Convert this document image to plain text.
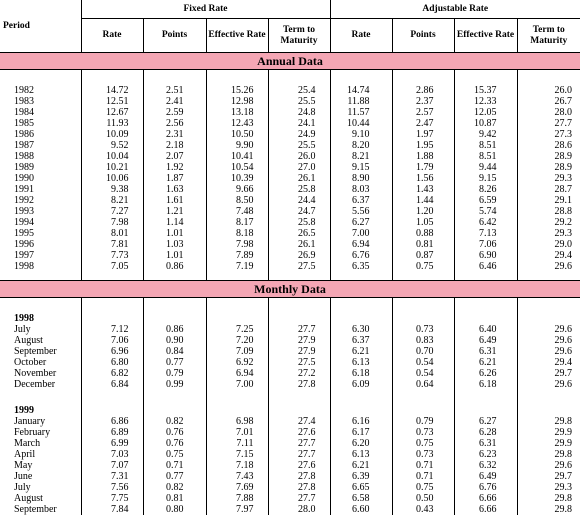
Period	Fixed Rate				Adjustable Rate			
	Rate	Points	Effective Rate	Term to Maturity	Rate	Points	Effective Rate	Term to Maturity
Annual Data								

1982	14.72	2.51	15.26	25.4	14.74	2.86	15.37	26.0
1983	12.51	2.41	12.98	25.5	11.88	2.37	12.33	26.7
1984	12.67	2.59	13.18	24.8	11.57	2.57	12.05	28.0
1985	11.93	2.56	12.43	24.1	10.44	2.47	10.87	27.7
1986	10.09	2.31	10.50	24.9	9.10	1.97	9.42	27.3
1987	9.52	2.18	9.90	25.5	8.20	1.95	8.51	28.6
1988	10.04	2.07	10.41	26.0	8.21	1.88	8.51	28.9
1989	10.21	1.92	10.54	27.0	9.15	1.79	9.44	28.9
1990	10.06	1.87	10.39	26.1	8.90	1.56	9.15	29.3
1991	9.38	1.63	9.66	25.8	8.03	1.43	8.26	28.7
1992	8.21	1.61	8.50	24.4	6.37	1.44	6.59	29.1
1993	7.27	1.21	7.48	24.7	5.56	1.20	5.74	28.8
1994	7.98	1.14	8.17	25.8	6.27	1.05	6.42	29.2
1995	8.01	1.01	8.18	26.5	7.00	0.88	7.13	29.3
1996	7.81	1.03	7.98	26.1	6.94	0.81	7.06	29.0
1997	7.73	1.01	7.89	26.9	6.76	0.87	6.90	29.4
1998	7.05	0.86	7.19	27.5	6.35	0.75	6.46	29.6

Monthly Data								

1998								
July	7.12	0.86	7.25	27.7	6.30	0.73	6.40	29.6
August	7.06	0.90	7.20	27.9	6.37	0.83	6.49	29.6
September	6.96	0.84	7.09	27.9	6.21	0.70	6.31	29.6
October	6.80	0.77	6.92	27.5	6.13	0.54	6.21	29.4
November	6.82	0.79	6.94	27.2	6.18	0.54	6.26	29.7
December	6.84	0.99	7.00	27.8	6.09	0.64	6.18	29.6

1999								
January	6.86	0.82	6.98	27.4	6.16	0.79	6.27	29.8
February	6.89	0.76	7.01	27.6	6.17	0.73	6.28	29.9
March	6.99	0.76	7.11	27.7	6.20	0.75	6.31	29.9
April	7.03	0.75	7.15	27.7	6.13	0.73	6.23	29.8
May	7.07	0.71	7.18	27.6	6.21	0.71	6.32	29.6
June	7.31	0.77	7.43	27.8	6.39	0.71	6.49	29.7
July	7.56	0.82	7.69	27.8	6.65	0.75	6.76	29.3
August	7.75	0.81	7.88	27.7	6.58	0.50	6.66	29.8
September	7.84	0.80	7.97	28.0	6.60	0.43	6.66	29.8
